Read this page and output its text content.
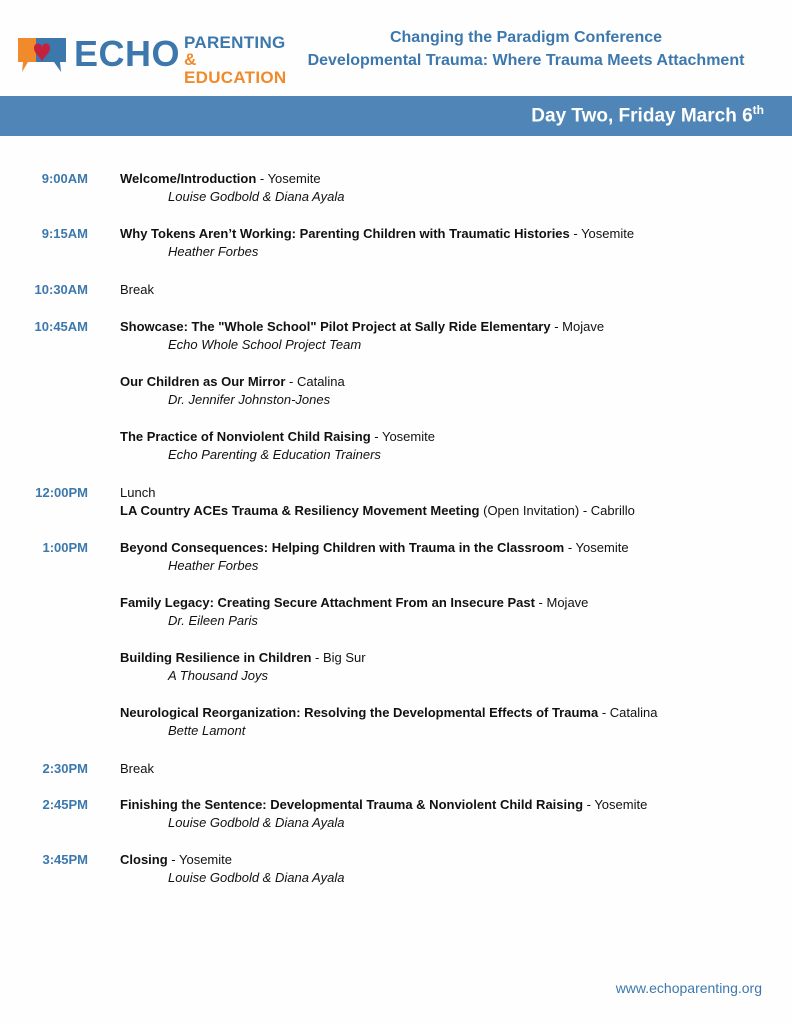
ECHO PARENTING
& EDUCATION
Changing the Paradigm Conference
Developmental Trauma: Where Trauma Meets Attachment
Day Two, Friday March 6th
9:00AM Welcome/Introduction - Yosemite
Louise Godbold & Diana Ayala
9:15AM Why Tokens Aren’t Working: Parenting Children with Traumatic Histories - Yosemite
Heather Forbes
10:30AM Break
10:45AM Showcase: The "Whole School" Pilot Project at Sally Ride Elementary - Mojave
Echo Whole School Project Team
Our Children as Our Mirror - Catalina
Dr. Jennifer Johnston-Jones
The Practice of Nonviolent Child Raising - Yosemite
Echo Parenting & Education Trainers
12:00PM Lunch
LA Country ACEs Trauma & Resiliency Movement Meeting (Open Invitation) - Cabrillo
1:00PM Beyond Consequences: Helping Children with Trauma in the Classroom - Yosemite
Heather Forbes
Family Legacy: Creating Secure Attachment From an Insecure Past - Mojave
Dr. Eileen Paris
Building Resilience in Children - Big Sur
A Thousand Joys
Neurological Reorganization: Resolving the Developmental Effects of Trauma - Catalina
Bette Lamont
2:30PM Break
2:45PM Finishing the Sentence: Developmental Trauma & Nonviolent Child Raising - Yosemite
Louise Godbold & Diana Ayala
3:45PM Closing - Yosemite
Louise Godbold & Diana Ayala
www.echoparenting.org
